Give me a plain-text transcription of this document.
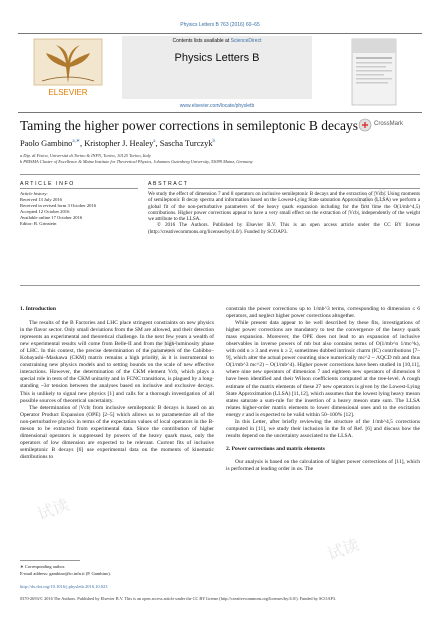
试读
试读
试读
试读
Physics Letters B 763 (2016) 60–65
ELSEVIER
Contents lists available at ScienceDirect
Physics Letters B
www.elsevier.com/locate/physletb
Taming the higher power corrections in semileptonic B decays	CrossMark
Paolo Gambino$^{a,∗}$, Kristopher J. Healey$^a$, Sascha Turczyk$^b$
a Dip. di Fisica, Università di Torino & INFN, Torino, 10125 Torino, Italy
b PRISMA Cluster of Excellence & Mainz Institute for Theoretical Physics, Johannes Gutenberg University, 55099 Mainz, Germany
ARTICLE INFO	ABSTRACT
Article history:
Received 13 July 2016
Received in revised form 3 October 2016
Accepted 12 October 2016
Available online 17 October 2016
Editor: B. Grinstein
We study the effect of dimension 7 and 8 operators on inclusive semileptonic B decays and the extraction of |Vcb|. Using moments of semileptonic B decay spectra and information based on the Lowest-Lying State saturation Approximation (LLSA) we perform a global fit of the non-perturbative parameters of the heavy quark expansion including for the first time the O(1/mb^4,5) contributions. Higher power corrections appear to have a very small effect on the extraction of |Vcb|, independently of the weight we attribute to the LLSA.
© 2016 The Authors. Published by Elsevier B.V. This is an open access article under the CC BY license (http://creativecommons.org/licenses/by/4.0/). Funded by SCOAP3.
1. Introduction

The results of the B Factories and LHC place stringent constraints on new physics in the flavor sector. Only small deviations from the SM are allowed, and their detection represents an experimental and theoretical challenge. In the next few years a wealth of new experimental results will come from Belle-II and from the high-luminosity phase of LHC. In this context, the precise determination of the parameters of the Cabibbo–Kobayashi–Maskawa (CKM) matrix remains a high priority, as it is instrumental to constraining new physics models and to setting bounds on the scale of new effective interactions. However, the determination of the CKM element Vcb, which plays a special role in tests of the CKM unitarity and in FCNC transitions, is plagued by a long-standing ~3σ tension between the analyses based on inclusive and exclusive decays. This is unlikely to signal new physics [1] and calls for a thorough investigation of all possible sources of theoretical uncertainty.

The determination of |Vcb| from inclusive semileptonic B decays is based on an Operator Product Expansion (OPE) [2–5] which allows us to parameterize all of the non-perturbative physics in terms of the expectation values of local operators in the B-meson to be extracted from experimental data. Since the contribution of higher dimensional operators is suppressed by powers of the heavy quark mass, only the operators of low dimension are expected to be relevant. Current fits of inclusive semileptonic B decays [6] use experimental data on the moments of kinematic distributions to

constrain the power corrections up to 1/mb^3 terms, corresponding to dimension ≤ 6 operators, and neglect higher power corrections altogether.

While present data appear to be well described by these fits, investigations of higher power corrections are mandatory to test the convergence of the heavy quark mass expansion. Moreover, the OPE does not lead to an expansion of inclusive observables in inverse powers of mb but also contains terms of O(1/mb^n 1/mc^k), with odd n ≥ 3 and even k ≥ 2, sometimes dubbed intrinsic charm (IC) contributions [7–9], which alter the actual power counting since numerically mc^2 ~ ΛQCD mb and thus O(1/mb^3 mc^2) ~ O(1/mb^4). Higher power corrections have been studied in [10,11], where nine new operators of dimension 7 and eighteen new operators of dimension 8 have been identified and their Wilson coefficients computed at the tree-level. A rough estimate of the matrix elements of these 27 new operators is given by the Lowest-Lying State Approximation (LLSA) [11,12], which assumes that the lowest lying heavy meson states saturate a sum-rule for the insertion of a heavy meson state sum. The LLSA relates higher-order matrix elements to lower dimensional ones and to the excitation energy ε and is expected to be valid within 50–100% [12].

In this Letter, after briefly reviewing the structure of the 1/mb^4,5 corrections computed in [11], we study their inclusion in the fit of Ref. [6] and discuss how the results depend on the uncertainty associated to the LLSA.

2. Power corrections and matrix elements

Our analysis is based on the calculation of higher power corrections of [11], which is performed at leading order in αs. The

∗ Corresponding author.
E-mail address: gambino@to.infn.it (P. Gambino).
http://dx.doi.org/10.1016/j.physletb.2016.10.023
0370-2693/© 2016 The Authors. Published by Elsevier B.V. This is an open access article under the CC BY license (http://creativecommons.org/licenses/by/4.0/). Funded by SCOAP3.
